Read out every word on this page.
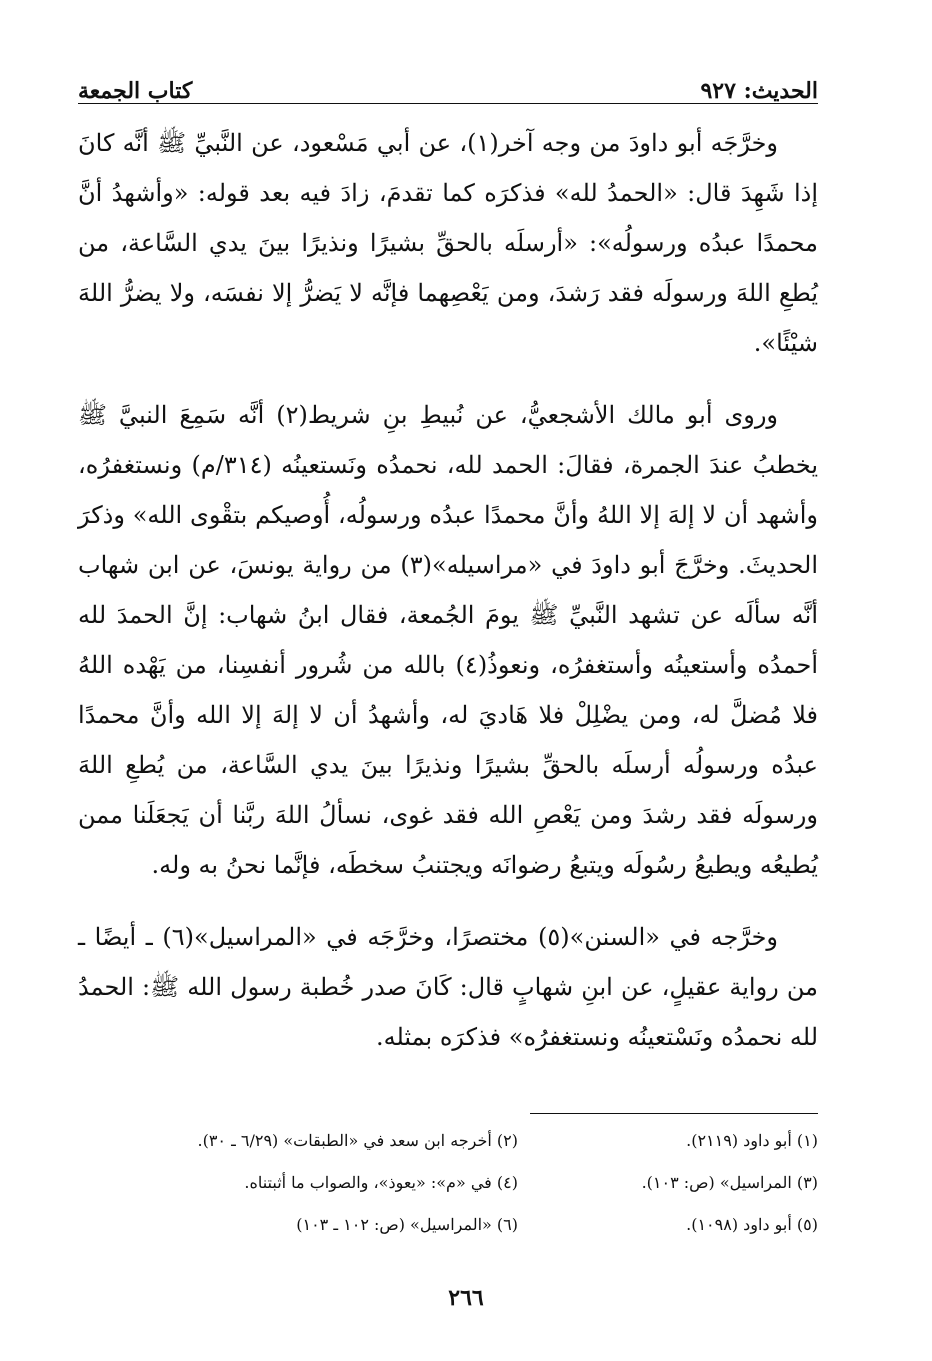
الحديث: ٩٢٧
كتاب الجمعة

وخرَّجَه أبو داودَ من وجه آخر(١)، عن أبي مَسْعود، عن النَّبيِّ ﷺ أنَّه كانَ إذا شَهِدَ قال: «الحمدُ لله» فذكرَه كما تقدمَ، زادَ فيه بعد قوله: «وأشهدُ أنَّ محمدًا عبدُه ورسولُه»: «أرسلَه بالحقِّ بشيرًا ونذيرًا بينَ يدي السَّاعة، من يُطعِ اللهَ ورسولَه فقد رَشدَ، ومن يَعْصِهما فإنَّه لا يَضرُّ إلا نفسَه، ولا يضرُّ اللهَ شيْئًا».

وروى أبو مالك الأشجعيُّ، عن نُبيطِ بنِ شريط(٢) أنَّه سَمِعَ النبيَّ ﷺ يخطبُ عندَ الجمرة، فقالَ: الحمد لله، نحمدُه ونَستعينُه (٣١٤/م) ونستغفرُه، وأشهد أن لا إلهَ إلا اللهُ وأنَّ محمدًا عبدُه ورسولُه، أُوصيكم بتقْوى الله» وذكرَ الحديثَ. وخرَّجَ أبو داودَ في «مراسيله»(٣) من رواية يونسَ، عن ابن شهاب أنَّه سألَه عن تشهد النَّبيِّ ﷺ يومَ الجُمعة، فقال ابنُ شهاب: إنَّ الحمدَ لله أحمدُه وأستعينُه وأستغفرُه، ونعوذُ(٤) بالله من شُرور أنفسِنا، من يَهْده اللهُ فلا مُضلَّ له، ومن يضْلِلْ فلا هَاديَ له، وأشهدُ أن لا إلهَ إلا الله وأنَّ محمدًا عبدُه ورسولُه أرسلَه بالحقِّ بشيرًا ونذيرًا بينَ يدي السَّاعة، من يُطعِ اللهَ ورسولَه فقد رشدَ ومن يَعْصِ الله فقد غوى، نسألُ اللهَ ربَّنا أن يَجعَلَنا ممن يُطيعُه ويطيعُ رسُولَه ويتبعُ رضوانَه ويجتنبُ سخطَه، فإنَّما نحنُ به وله.

وخرَّجه في «السنن»(٥) مختصرًا، وخرَّجَه في «المراسيل»(٦) ـ أيضًا ـ من رواية عقيلٍ، عن ابنِ شهابٍ قال: كَانَ صدر خُطبة رسول الله ﷺ: الحمدُ لله نحمدُه ونَسْتعينُه ونستغفرُه» فذكرَه بمثله.

(١) أبو داود (٢١١٩).
(٢) أخرجه ابن سعد في «الطبقات» (٦/٢٩ ـ ٣٠).
(٣) المراسيل» (ص: ١٠٣).
(٤) في «م»: «يعوذ»، والصواب ما أثبتناه.
(٥) أبو داود (١٠٩٨).
(٦) «المراسيل» (ص: ١٠٢ ـ ١٠٣)
٢٦٦
